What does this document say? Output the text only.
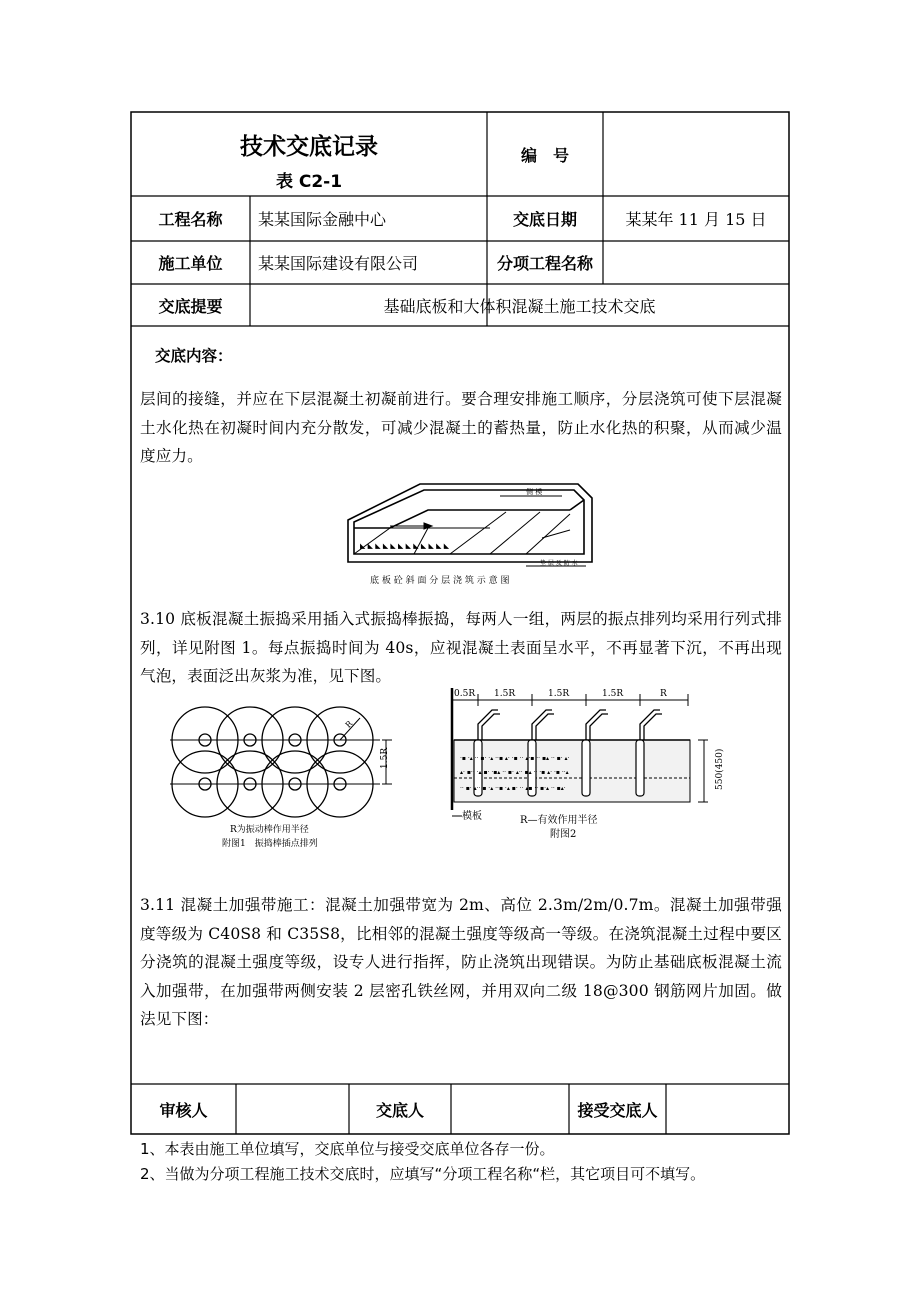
技术交底记录
表 C2-1
编　号
工程名称	某某国际金融中心	交底日期	某某年 11 月 15 日
施工单位	某某国际建设有限公司	分项工程名称
交底提要	基础底板和大体积混凝土施工技术交底
交底内容：
层间的接缝，并应在下层混凝土初凝前进行。要合理安排施工顺序，分层浇筑可使下层混凝土水化热在初凝时间内充分散发，可减少混凝土的蓄热量，防止水化热的积聚，从而减少温度应力。
◣ ◣ ◣ ◣ ◣ ◣ ◣ ◣ ◣ ◣ ◣ ◣
侧 模
垫 层 及 防 水
底 板 砼 斜 面 分 层 浇 筑 示 意 图
3.10 底板混凝土振捣采用插入式振捣棒振捣，每两人一组，两层的振点排列均采用行列式排列，详见附图 1。每点振捣时间为 40s，应视混凝土表面呈水平，不再显著下沉，不再出现气泡，表面泛出灰浆为准，见下图。
R
1.5R
R为振动棒作用半径
附图1　振捣棒插点排列
·▪ ·▴ ·· ▪· ·▴ ··▪ ▴· ·▪ ·· ▴·▪ ·· ▪▴ ·· ▪· ▴·
▴· ▪·· ·▴ ▪· ·▪▴ ·· ▪· ▴·· ▪▴ ·· ·▪ ▴· ·▪ ··▴
·· ▪· ▴·· ▪ ·▴ ··▪ ·▴ ▪· ·· ▴▪ ·· ▪·▴ ·· ▪▴·
0.5R 1.5R	1.5R	1.5R	R
550(450)
模板	R—有效作用半径
附图2
3.11 混凝土加强带施工：混凝土加强带宽为 2m、高位 2.3m/2m/0.7m。混凝土加强带强度等级为 C40S8 和 C35S8，比相邻的混凝土强度等级高一等级。在浇筑混凝土过程中要区分浇筑的混凝土强度等级，设专人进行指挥，防止浇筑出现错误。为防止基础底板混凝土流入加强带，在加强带两侧安装 2 层密孔铁丝网，并用双向二级 18@300 钢筋网片加固。做法见下图：
审核人	交底人	接受交底人
1、本表由施工单位填写，交底单位与接受交底单位各存一份。
2、当做为分项工程施工技术交底时，应填写“分项工程名称“栏，其它项目可不填写。
